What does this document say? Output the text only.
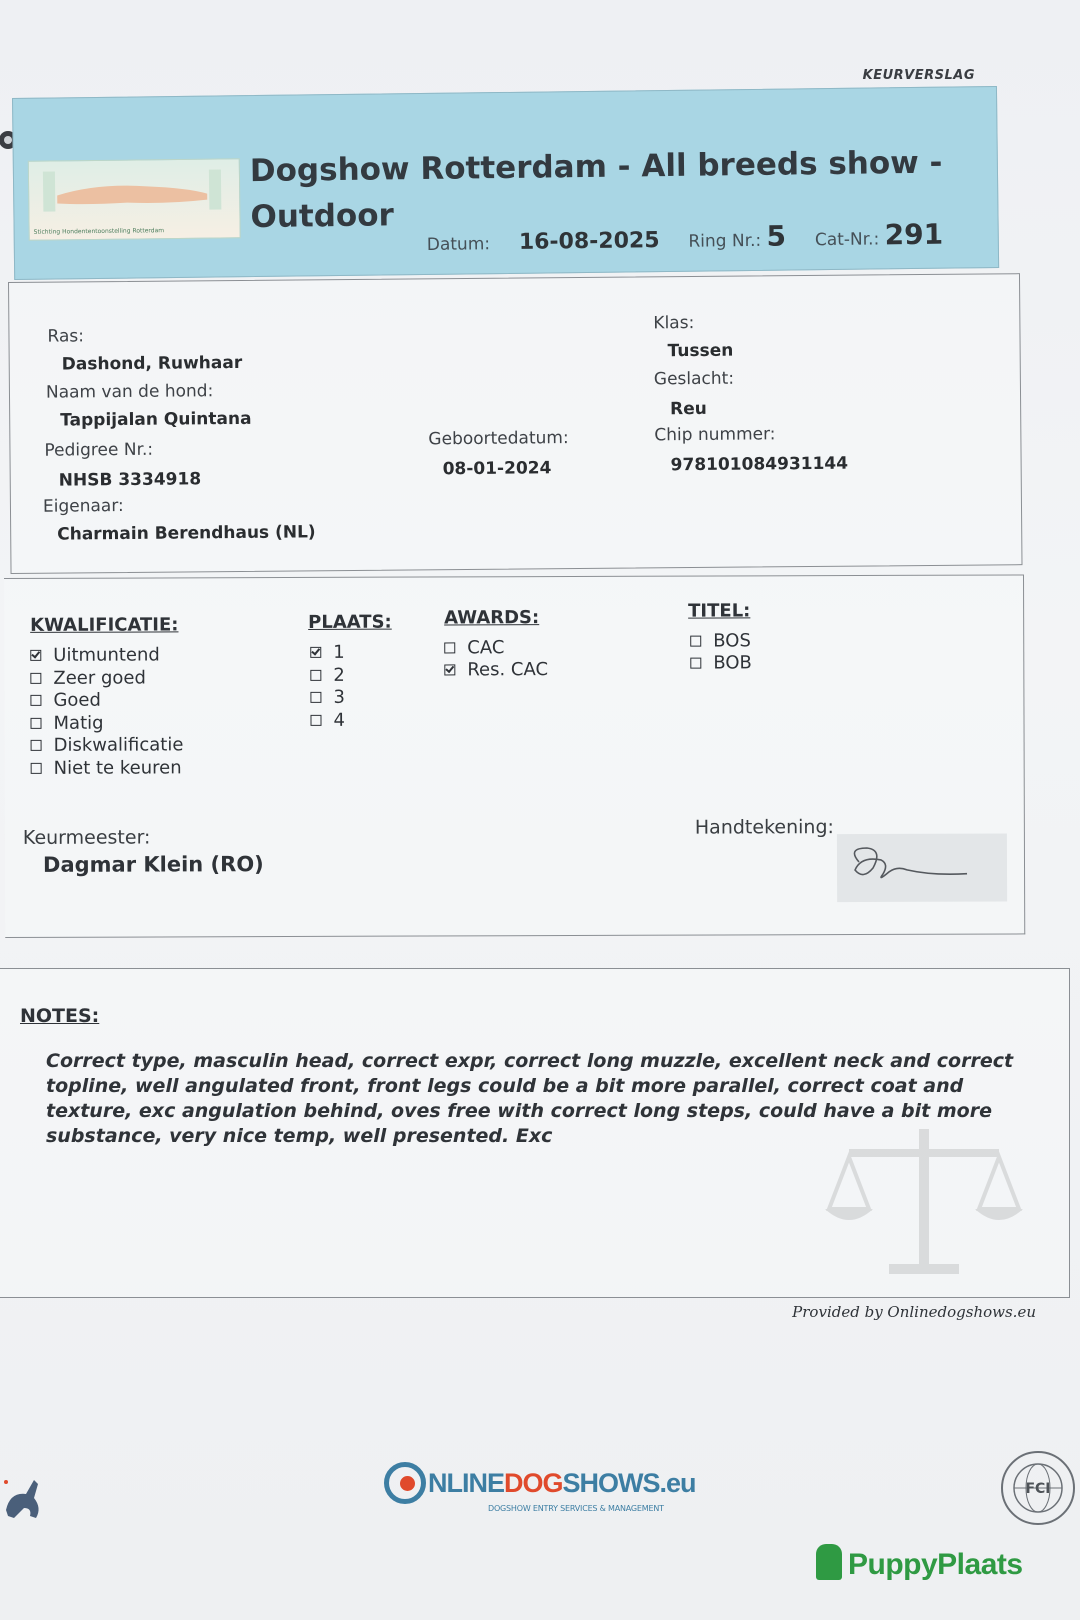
KEURVERSLAG
Stichting Hondententoonstelling Rotterdam
Dogshow Rotterdam - All breeds show - Outdoor
Datum: 16-08-2025 Ring Nr.: 5 Cat-Nr.: 291
Ras:
Dashond, Ruwhaar
Naam van de hond:
Tappijalan Quintana
Pedigree Nr.:
NHSB 3334918
Eigenaar:
Charmain Berendhaus (NL)
Geboortedatum:
08-01-2024
Klas:
Tussen
Geslacht:
Reu
Chip nummer:
978101084931144
KWALIFICATIE:
Uitmuntend
Zeer goed
Goed
Matig
Diskwalificatie
Niet te keuren
PLAATS:
1
2
3
4
AWARDS:
CAC
Res. CAC
TITEL:
BOS
BOB
Keurmeester:
Dagmar Klein (RO)
Handtekening:
NOTES:
Correct type, masculin head, correct expr, correct long muzzle, excellent neck and correct topline, well angulated front, front legs could be a bit more parallel, correct coat and texture, exc angulation behind, oves free with correct long steps, could have a bit more substance, very nice temp, well presented. Exc
Provided by Onlinedogshows.eu
NLINEDOGSHOWS.eu
DOGSHOW ENTRY SERVICES & MANAGEMENT
FCI
PuppyPlaats
